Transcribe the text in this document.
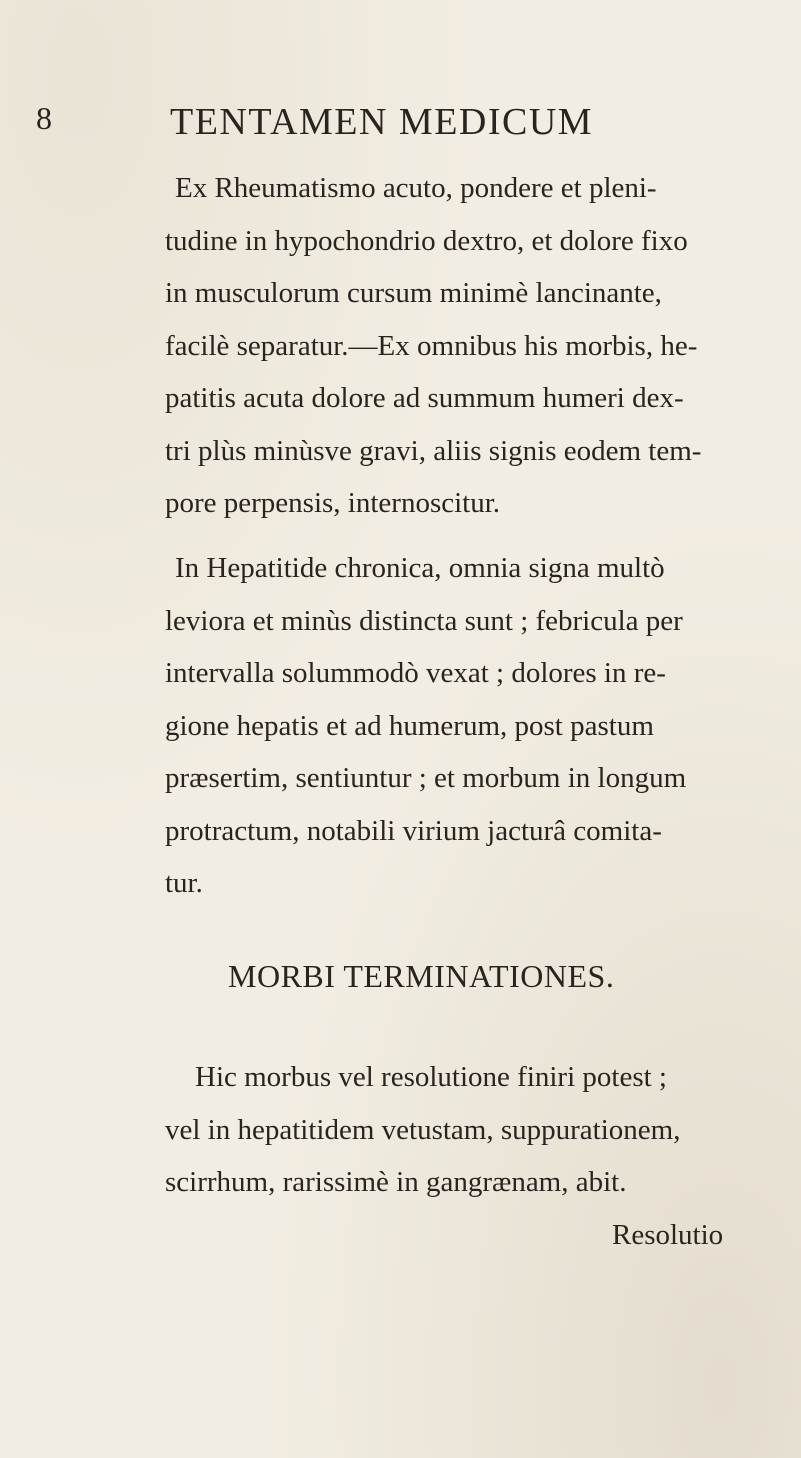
8	TENTAMEN MEDICUM

Ex Rheumatismo acuto, pondere et pleni-
tudine in hypochondrio dextro, et dolore fixo
in musculorum cursum minimè lancinante,
facilè separatur.—Ex omnibus his morbis, he-
patitis acuta dolore ad summum humeri dex-
tri plùs minùsve gravi, aliis signis eodem tem-
pore perpensis, internoscitur.

In Hepatitide chronica, omnia signa multò
leviora et minùs distincta sunt ; febricula per
intervalla solummodò vexat ; dolores in re-
gione hepatis et ad humerum, post pastum
præsertim, sentiuntur ; et morbum in longum
protractum, notabili virium jacturâ comita-
tur.

MORBI TERMINATIONES.

Hic morbus vel resolutione finiri potest ;
vel in hepatitidem vetustam, suppurationem,
scirrhum, rarissimè in gangrænam, abit.

Resolutio
